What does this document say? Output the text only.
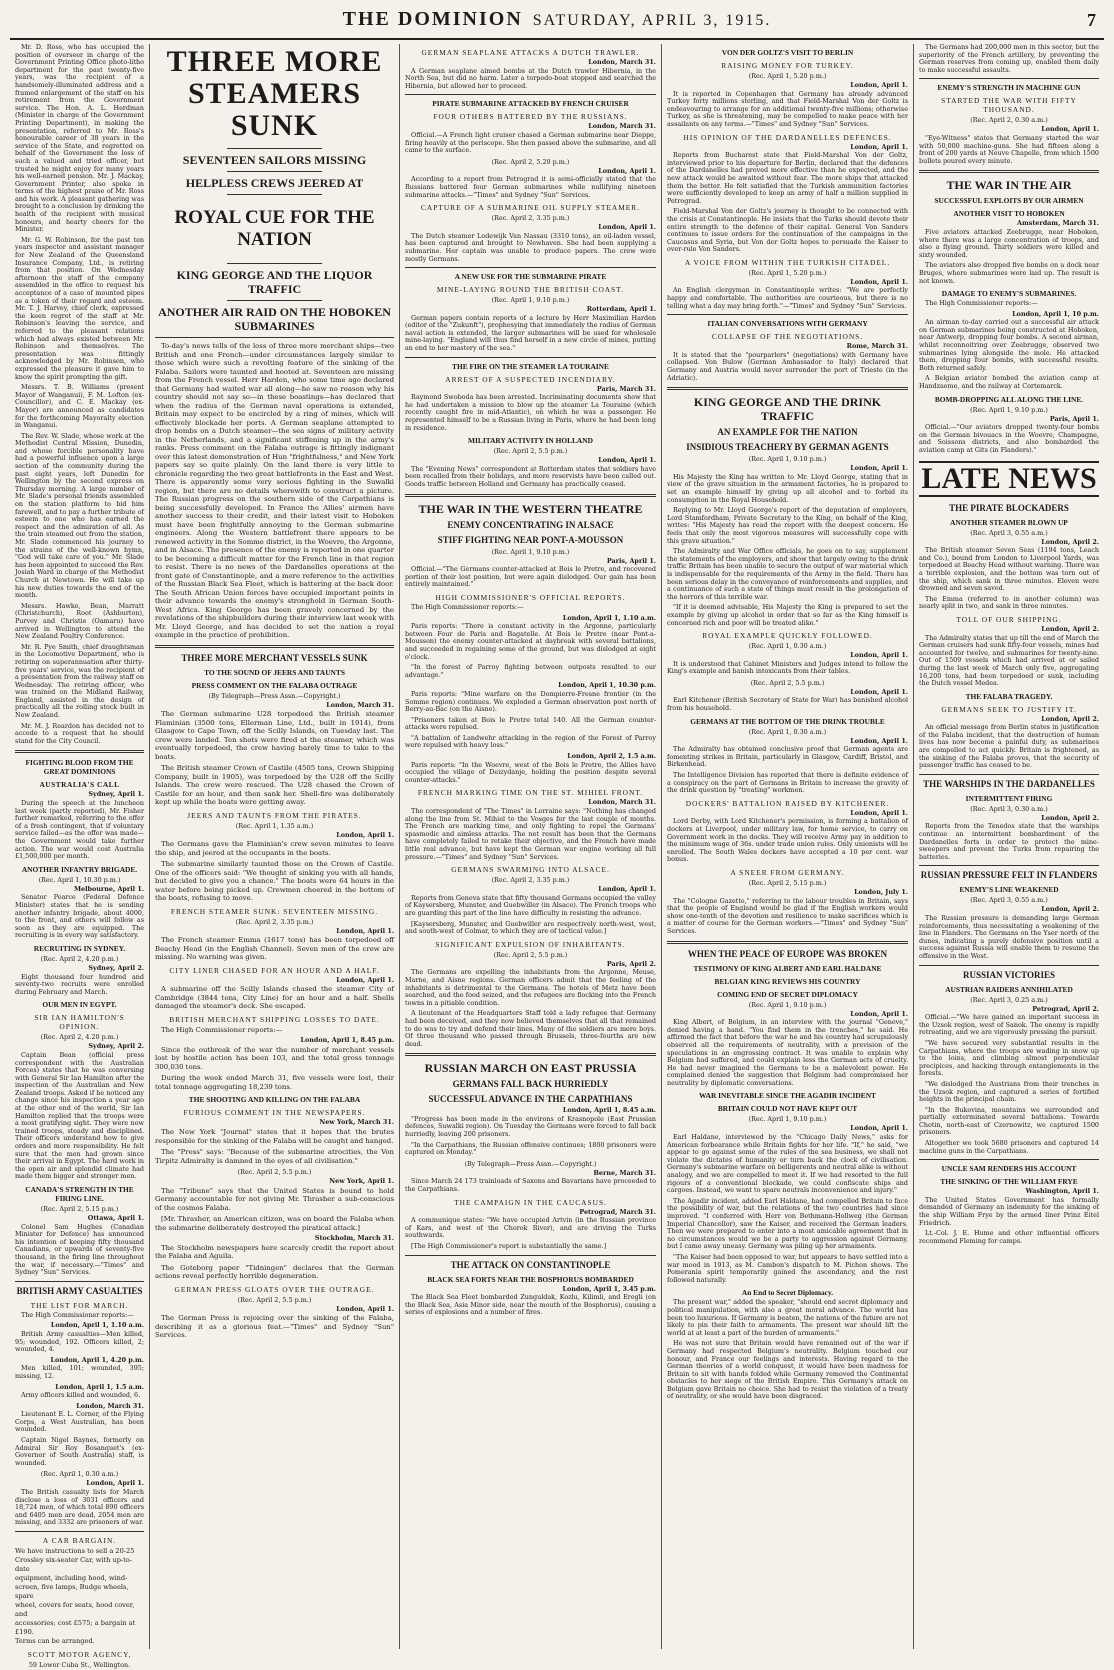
THE DOMINION SATURDAY, APRIL 3, 1915.	7

Mr. D. Ross, who has occupied the position of overseer in charge of the Government Printing Office photo-litho department for the past twenty-five years, was the recipient of a handsomely-illuminated address and a framed enlargement of the staff on his retirement from the Government service. The Hon. A. L. Herdman (Minister in charge of the Government Printing Department), in making the presentation, referred to Mr. Ross's honourable career of 38 years in the service of the State, and regretted on behalf of the Government the loss of such a valued and tried officer, but trusted he might enjoy for many years his well-earned pension. Mr. J. Mackay, Government Printer, also spoke in terms of the highest praise of Mr. Ross and his work. A pleasant gathering was brought to a conclusion by drinking the health of the recipient with musical honours, and hearty cheers for the Minister.

Mr. G. W. Robinson, for the past ten years inspector and assistant manager for New Zealand of the Queensland Insurance Company, Ltd., is retiring from that position. On Wednesday afternoon the staff of the company assembled in the office to request his acceptance of a case of mounted pipes as a token of their regard and esteem. Mr. T. J. Harvey, chief clerk, expressed the keen regret of the staff at Mr. Robinson's leaving the service, and referred to the pleasant relations which had always existed between Mr. Robinson and themselves. The presentation was fittingly acknowledged by Mr. Robinson, who expressed the pleasure it gave him to know the spirit prompting the gift.

Messrs. T. B. Williams (present Mayor of Wanganui), F. M. Lofton (ex-Councillor), and C. E. Mackay (ex-Mayor) are announced as candidates for the forthcoming Mayoralty election in Wanganui.

The Rev. W. Slade, whose work at the Methodist Central Mission, Dunedin, and whose forcible personality have had a powerful influence upon a large section of the community during the past eight years, left Dunedin for Wellington by the second express on Thursday morning. A large number of Mr. Slade's personal friends assembled on the station platform to bid him farewell, and to pay a further tribute of esteem to one who has earned the respect and the admiration of all. As the train steamed out from the station, Mr. Slade commenced his journey to the strains of the well-known hymn, "God will take care of you." Mr. Slade has been appointed to succeed the Rev. Josiah Ward in charge of the Methodist Church at Newtown. He will take up his new duties towards the end of the month.

Messrs. Hawke, Bean, Marratt (Christchurch), Root (Ashburton), Purvey and Christie (Oamaru) have arrived in Wellington to attend the New Zealand Poultry Conference.

Mr. R. Pye Smith, chief draughtsman in the Locomotive Department, who is retiring on superannuation after thirty-five years' service, was the recipient of a presentation from the railway staff on Wednesday. The retiring officer, who was trained on the Midland Railway, England, assisted in the design of practically all the rolling stock built in New Zealand.

Mr. M. J. Reardon has decided not to accede to a request that he should stand for the City Council.

FIGHTING BLOOD FROM THE GREAT DOMINIONS
AUSTRALIA'S CALL
Sydney, April 1.

During the speech at the luncheon last week (partly reported), Mr. Fisher further remarked, referring to the offer of a fresh contingent, that if voluntary service failed—as the offer was made—the Government would take further action. The war would cost Australia £1,500,000 per month.

ANOTHER INFANTRY BRIGADE.
(Rec. April 1, 10.30 p.m.)
Melbourne, April 1.

Senator Pearce (Federal Defence Minister) states that he is sending another infantry brigade, about 4000, to the front, and others will follow as soon as they are equipped. The recruiting is in every way satisfactory.

RECRUITING IN SYDNEY.
(Rec. April 2, 4.20 p.m.)
Sydney, April 2.

Eight thousand four hundred and seventy-two recruits were enrolled during February and March.

OUR MEN IN EGYPT.
SIR IAN HAMILTON'S OPINION.
(Rec. April 2, 4.20 p.m.)
Sydney, April 2.

Captain Bean (official press correspondent with the Australian Forces) states that he was conversing with General Sir Ian Hamilton after the inspection of the Australian and New Zealand troops. Asked if he noticed any change since his inspection a year ago at the other end of the world, Sir Ian Hamilton replied that the troops were a most gratifying sight. They were now trained troops, steady and disciplined. Their officers understand how to give orders and more responsibility. He felt sure that the men had grown since their arrival in Egypt. The hard work in the open air and splendid climate had made them bigger and stronger men.

CANADA'S STRENGTH IN THE FIRING LINE.
(Rec. April 2, 5.15 p.m.)
Ottawa, April 1.

Colonel Sam Hughes (Canadian Minister for Defence) has announced his intention of keeping fifty thousand Canadians, or upwards of seventy-five thousand, in the firing line throughout the war, if necessary.—"Times" and Sydney "Sun" Services.

BRITISH ARMY CASUALTIES
THE LIST FOR MARCH.

The High Commissioner reports:—

London, April 1, 1.10 a.m.

British Army casualties—Men killed, 95; wounded, 192. Officers killed, 2; wounded, 4.

London, April 1, 4.20 p.m.

Men killed, 101; wounded, 395; missing, 12.

London, April 1, 1.5 a.m.

Army officers killed and wounded, 6.

London, March 31.

Lieutenant E. L. Corner, of the Flying Corps, a West Australian, has been wounded.

Captain Nigel Baynes, formerly on Admiral Sir Roy Bosanquet's (ex-Governor of South Australia) staff, is wounded.

(Rec. April 1, 0.30 a.m.)
London, April 1.

The British casualty lists for March disclose a loss of 3031 officers and 18,724 men, of which total 890 officers and 6405 men are dead, 2054 men are missing, and 3332 are prisoners of war.

A CAR BARGAIN.
We have instructions to sell a 20-25
Crossley six-seater Car, with up-to-date
equipment, including hood, wind-
screen, five lamps, Budge wheels, spare
wheel, covers for seats, hood cover, and
accessories; cost £575; a bargain at £190.
Terms can be arranged.
SCOTT MOTOR AGENCY,
59 Lower Cuba St., Wellington.
THREE MORE STEAMERS SUNK
SEVENTEEN SAILORS MISSING
HELPLESS CREWS JEERED AT
ROYAL CUE FOR THE NATION
KING GEORGE AND THE LIQUOR TRAFFIC
ANOTHER AIR RAID ON THE HOBOKEN SUBMARINES

To-day's news tells of the loss of three more merchant ships—two British and one French—under circumstances largely similar to those which were such a revolting feature of the sinking of the Falaba. Sailors were taunted and hooted at. Seventeen are missing from the French vessel. Herr Harden, who some time ago declared that Germany had waited war all along—he saw no reason why his country should not say so—in these boastings—has declared that when the radius of the German naval operations is extended, Britain may expect to be encircled by a ring of mines, which will effectively blockade her ports. A German seaplane attempted to drop bombs on a Dutch steamer—the sea signs of military activity in the Netherlands, and a significant stiffening up in the army's ranks. Press comment on the Falaba outrage is fittingly indignant over this latest demonstration of Hun "frightfulness," and New York papers say so quite plainly. On the land there is very little to chronicle regarding the two great battlefronts in the East and West. There is apparently some very serious fighting in the Suwalki region, but there are no details wherewith to construct a picture. The Russian progress on the southern side of the Carpathians is being successfully developed. In France the Allies' airmen have another success to their credit, and their latest visit to Hoboken must have been frightfully annoying to the German submarine engineers. Along the Western battlefront there appears to be renewed activity in the Somme district, in the Woevre, the Argonne, and in Alsace. The presence of the enemy is reported in one quarter to be becoming a difficult matter for the French line in that region to resist. There is no news of the Dardanelles operations at the front gate of Constantinople, and a mere reference to the activities of the Russian Black Sea Fleet, which is battering at the back door. The South African Union forces have occupied important points in their advance towards the enemy's stronghold in German South-West Africa. King George has been gravely concerned by the revelations of the shipbuilders during their interview last week with Mr. Lloyd George, and has decided to set the nation a royal example in the practice of prohibition.

THREE MORE MERCHANT VESSELS SUNK
TO THE SOUND OF JEERS AND TAUNTS
PRESS COMMENT ON THE FALABA OUTRAGE
(By Telegraph—Press Assn.—Copyright.)
London, March 31.

The German submarine U28 torpedoed the British steamer Flaminian (3500 tons, Ellerman Line, Ltd., built in 1914), from Glasgow to Cape Town, off the Scilly Islands, on Tuesday last. The crew were landed. Ten shots were fired at the steamer, which was eventually torpedoed, the crew having barely time to take to the boats.

The British steamer Crown of Castile (4505 tons, Crown Shipping Company, built in 1905), was torpedoed by the U28 off the Scilly Islands. The crew were rescued. The U28 chased the Crown of Castile for an hour, and then sank her. Shell-fire was deliberately kept up while the boats were getting away.

JEERS AND TAUNTS FROM THE PIRATES.
(Rec. April 1, 1.35 a.m.)
London, April 1.

The Germans gave the Flaminian's crew seven minutes to leave the ship, and jeered at the occupants in the boats.

The submarine similarly taunted those on the Crown of Castile. One of the officers said: "We thought of sinking you with all hands, but decided to give you a chance." The boats were 64 hours in the water before being picked up. Crewmen cheered in the bottom of the boats, refusing to move.

FRENCH STEAMER SUNK: SEVENTEEN MISSING.
(Rec. April 2, 3.35 p.m.)
London, April 1.

The French steamer Emma (1617 tons) has been torpedoed off Beachy Head (in the English Channel). Seven men of the crew are missing. No warning was given.

CITY LINER CHASED FOR AN HOUR AND A HALF.
London, April 1.

A submarine off the Scilly Islands chased the steamer City of Cambridge (3844 tons, City Line) for an hour and a half. Shells damaged the steamer's deck. She escaped.

BRITISH MERCHANT SHIPPING LOSSES TO DATE.

The High Commissioner reports:—

London, April 1, 8.45 p.m.

Since the outbreak of the war the number of merchant vessels lost by hostile action has been 103, and the total gross tonnage 300,030 tons.

During the week ended March 31, five vessels were lost, their total tonnage aggregating 18,239 tons.

THE SHOOTING AND KILLING ON THE FALABA
FURIOUS COMMENT IN THE NEWSPAPERS.
New York, March 31.

The New York "Journal" states that it hopes that the brutes responsible for the sinking of the Falaba will be caught and hanged.

The "Press" says: "Because of the submarine atrocities, the Von Tirpitz Admiralty is damned in the eyes of all civilisation."

(Rec. April 2, 5.5 p.m.)
New York, April 1.

The "Tribune" says that the United States is bound to hold Germany accountable for not giving Mr. Thrasher a sub-conscious of the cosmos Falaba.

[Mr. Thrasher, an American citizen, was on board the Falaba when the submarine deliberately destroyed the piratical attack.]

Stockholm, March 31.

The Stockholm newspapers here scarcely credit the report about the Falaba and Aguila.

The Goteborg paper "Tidningen" declares that the German actions reveal perfectly horrible degeneration.

GERMAN PRESS GLOATS OVER THE OUTRAGE.
(Rec. April 2, 5.5 p.m.)
London, April 1.

The German Press is rejoicing over the sinking of the Falaba, describing it as a glorious feat.—"Times" and Sydney "Sun" Services.

GERMAN SEAPLANE ATTACKS A DUTCH TRAWLER.
London, March 31.

A German seaplane aimed bombs at the Dutch trawler Hibernia, in the North Sea, but did no harm. Later a torpedo-boat stopped and searched the Hibernia, but allowed her to proceed.

PIRATE SUBMARINE ATTACKED BY FRENCH CRUISER
FOUR OTHERS BATTERED BY THE RUSSIANS.
London, March 31.

Official.—A French light cruiser chased a German submarine near Dieppe, firing heavily at the periscope. She then passed above the submarine, and all came to the surface.

(Rec. April 2, 5.20 p.m.)
London, April 1.

According to a report from Petrograd it is semi-officially stated that the Russians battered four German submarines while nullifying nineteen submarine attacks.—"Times" and Sydney "Sun" Services.

CAPTURE OF A SUBMARINE OIL SUPPLY STEAMER.
(Rec. April 2, 3.35 p.m.)
London, April 1.

The Dutch steamer Lodewijk Van Nassau (3310 tons), an oil-laden vessel, has been captured and brought to Newhaven. She had been supplying a submarine. Her captain was unable to produce papers. The crew were mostly Germans.

A NEW USE FOR THE SUBMARINE PIRATE
MINE-LAYING ROUND THE BRITISH COAST.
(Rec. April 1, 9.10 p.m.)
Rotterdam, April 1.

German papers contain reports of a lecture by Herr Maximilian Harden (editor of the "Zukunft"), prophesying that immediately the radius of German naval action is extended, the larger submarines will be used for wholesale mine-laying. "England will thus find herself in a new circle of mines, putting an end to her mastery of the sea."

THE FIRE ON THE STEAMER LA TOURAINE
ARREST OF A SUSPECTED INCENDIARY.
Paris, March 31.

Raymond Swoboda has been arrested. Incriminating documents show that he had undertaken a mission to blow up the steamer La Touraine (which recently caught fire in mid-Atlantic), on which he was a passenger. He represented himself to be a Russian living in Paris, where he had been long in residence.

MILITARY ACTIVITY IN HOLLAND
(Rec. April 2, 5.5 p.m.)
London, April 1.

The "Evening News" correspondent at Rotterdam states that soldiers have been recalled from their holidays, and more reservists have been called out. Goods traffic between Holland and Germany has practically ceased.

THE WAR IN THE WESTERN THEATRE
ENEMY CONCENTRATING IN ALSACE
STIFF FIGHTING NEAR PONT-A-MOUSSON
(Rec. April 1, 9.10 p.m.)
Paris, April 1.

Official.—"The Germans counter-attacked at Bois le Pretre, and recovered portion of their lost position, but were again dislodged. Our gain has been entirely maintained."

HIGH COMMISSIONER'S OFFICIAL REPORTS.

The High Commissioner reports:—

London, April 1, 1.10 a.m.

Paris reports: "There is constant activity in the Argonne, particularly between Four de Paris and Bagatelle. At Bois le Pretre (near Pont-a-Mousson) the enemy counter-attacked at daybreak with several battalions, and succeeded in regaining some of the ground, but was dislodged at eight o'clock.

"In the forest of Parroy fighting between outposts resulted to our advantage."

London, April 1, 10.30 p.m.

Paris reports: "Mine warfare on the Dompierre-Fresne frontier (in the Somme region) continues. We exploded a German observation post north of Berry-au-Bac (on the Aisne).

"Prisoners taken at Bois le Pretre total 140. All the German counter-attacks were repulsed.

"A battalion of Landwehr attacking in the region of the Forest of Parroy were repulsed with heavy loss."

London, April 2, 1.5 a.m.

Paris reports: "In the Woevre, west of the Bois le Pretre, the Allies have occupied the village of Deizydanje, holding the position despite several counter-attacks."

FRENCH MARKING TIME ON THE ST. MIHIEL FRONT.
London, March 31.

The correspondent of "The Times" in Lorraine says: "Nothing has changed along the line from St. Mihiel to the Vosges for the last couple of months. The French are marking time, and only fighting to repel the Germans' spasmodic and aimless attacks. The net result has been that the Germans have completely failed to retake their objective, and the French have made little real advance, but have kept the German war engine working all full pressure.—"Times" and Sydney "Sun" Services.

GERMANS SWARMING INTO ALSACE.
(Rec. April 2, 3.35 p.m.)
London, April 1.

Reports from Geneva state that fifty thousand Germans occupied the valley of Kaysersberg, Munster, and Guebwiller (in Alsace). The French troops who are guarding this part of the line have difficulty in resisting the advance.

[Kaysersberg, Munster, and Guebwiller are respectively north-west, west, and south-west of Colmar, to which they are of tactical value.]

SIGNIFICANT EXPULSION OF INHABITANTS.
(Rec. April 2, 5.5 p.m.)
Paris, April 2.

The Germans are expelling the inhabitants from the Argonne, Meuse, Marne, and Aisne regions. German officers admit that the feeling of the inhabitants is detrimental to the Germans. The hotels of Metz have been searched, and the food seized, and the refugees are flocking into the French towns in a pitiable condition.

A lieutenant of the Headquarters Staff told a lady refugee that Germany had been deceived, and they now believed themselves that all that remained to do was to try and defend their lines. Many of the soldiers are mere boys. Of three thousand who passed through Brussels, three-fourths are now dead.

RUSSIAN MARCH ON EAST PRUSSIA
GERMANS FALL BACK HURRIEDLY
SUCCESSFUL ADVANCE IN THE CARPATHIANS
London, April 1, 8.45 a.m.

"Progress has been made in the environs of Krasnopole (East Prussian defences, Suwalki region). On Tuesday the Germans were forced to fall back hurriedly, leaving 200 prisoners.

"In the Carpathians, the Russian offensive continues; 1800 prisoners were captured on Monday."

(By Telegraph—Press Assn.—Copyright.)
Berne, March 31.

Since March 24 173 trainloads of Saxons and Bavarians have proceeded to the Carpathians.

THE CAMPAIGN IN THE CAUCASUS.
Petrograd, March 31.

A communique states: "We have occupied Artvin (in the Russian province of Kars, and west of the Chorok River), and are driving the Turks southwards.

[The High Commissioner's report is substantially the same.]

THE ATTACK ON CONSTANTINOPLE
BLACK SEA FORTS NEAR THE BOSPHORUS BOMBARDED
London, April 1, 3.45 p.m.

The Black Sea Fleet bombarded Zunguldak, Kozlu, Kilimli, and Eregli (on the Black Sea, Asia Minor side, near the mouth of the Bosphorus), causing a series of explosions and a number of fires.

VON DER GOLTZ'S VISIT TO BERLIN
RAISING MONEY FOR TURKEY.
(Rec. April 1, 5.20 p.m.)
London, April 1.

It is reported in Copenhagen that Germany has already advanced Turkey forty millions sterling, and that Field-Marshal Von der Goltz is endeavouring to arrange for an additional twenty-five millions; otherwise Turkey, as she is threatening, may be compelled to make peace with her assailants on any terms.—"Times" and Sydney "Sun" Services.

HIS OPINION OF THE DARDANELLES DEFENCES.
London, April 1.

Reports from Bucharest state that Field-Marshal Von der Goltz, interviewed prior to his departure for Berlin, declared that the defences of the Dardanelles had proved more effective than he expected, and the new attack would be awaited without fear. The more ships that attacked them the better. He felt satisfied that the Turkish ammunition factories were sufficiently developed to keep an army of half a million supplied in Petrograd.

Field-Marshal Von der Goltz's journey is thought to be connected with the crisis at Constantinople. He insists that the Turks should devote their entire strength to the defence of their capital. General Von Sanders continues to issue orders for the continuation of the campaigns in the Caucasus and Syria, but Von der Goltz hopes to persuade the Kaiser to over-rule Von Sanders.

A VOICE FROM WITHIN THE TURKISH CITADEL.
(Rec. April 1, 5.20 p.m.)
London, April 1.

An English clergyman in Constantinople writes: "We are perfectly happy and comfortable. The authorities are courteous, but there is no telling what a day may bring forth."—"Times" and Sydney "Sun" Services.

ITALIAN CONVERSATIONS WITH GERMANY
COLLAPSE OF THE NEGOTIATIONS.
Rome, March 31.

It is stated that the "pourparlers" (negotiations) with Germany have collapsed. Von Bulow (German Ambassador to Italy) declared that Germany and Austria would never surrender the port of Trieste (in the Adriatic).

KING GEORGE AND THE DRINK TRAFFIC
AN EXAMPLE FOR THE NATION
INSIDIOUS TREACHERY BY GERMAN AGENTS
(Rec. April 1, 9.10 p.m.)
London, April 1.

His Majesty the King has written to Mr. Lloyd George, stating that in view of the grave situation in the armament factories, he is prepared to set an example himself by giving up all alcohol and to forbid its consumption in the Royal Household.

Replying to Mr. Lloyd George's report of the deputation of employers, Lord Stamfordham, Private Secretary to the King, on behalf of the King, writes: "His Majesty has read the report with the deepest concern. He feels that only the most vigorous measures will successfully cope with this grave situation."

The Admiralty and War Office officials, he goes on to say, supplement the statements of the employers, and show that largely owing to the drink traffic Britain has been unable to secure the output of war material which is indispensable for the requirements of the Army in the field. There has been serious delay in the conveyance of reinforcements and supplies, and a continuance of such a state of things must result in the prolongation of the horrors of this terrible war.

"If it is deemed advisable, His Majesty the King is prepared to set the example by giving up alcohol in order that so far as the King himself is concerned rich and poor will be treated alike."

ROYAL EXAMPLE QUICKLY FOLLOWED.
(Rec. April 1, 0.30 a.m.)
London, April 1.

It is understood that Cabinet Ministers and Judges intend to follow the King's example and banish intoxicants from their tables.

(Rec. April 2, 5.5 p.m.)
London, April 1.

Earl Kitchener (British Secretary of State for War) has banished alcohol from his household.

GERMANS AT THE BOTTOM OF THE DRINK TROUBLE
(Rec. April 1, 0.30 a.m.)
London, April 1.

The Admiralty has obtained conclusive proof that German agents are fomenting strikes in Britain, particularly in Glasgow, Cardiff, Bristol, and Birkenhead.

The Intelligence Division has reported that there is definite evidence of a conspiracy on the part of Germans in Britain to increase the gravity of the drink question by "treating" workmen.

DOCKERS' BATTALION RAISED BY KITCHENER.
London, April 1.

Lord Derby, with Lord Kitchener's permission, is forming a battalion of dockers at Liverpool, under military law, for home service, to carry on Government work in the docks. They will receive Army pay in addition to the minimum wage of 36s. under trade union rules. Only unionists will be enrolled. The South Wales dockers have accepted a 10 per cent. war bonus.

A SNEER FROM GERMANY.
(Rec. April 2, 5.15 p.m.)
London, July 1.

The "Cologne Gazette," referring to the labour troubles in Britain, says that the people of England would be glad if the English workers would show one-tenth of the devotion and resilience to make sacrifices which is a matter of course for the German workers.—"Times" and Sydney "Sun" Services.

WHEN THE PEACE OF EUROPE WAS BROKEN
TESTIMONY OF KING ALBERT AND EARL HALDANE
BELGIAN KING REVIEWS HIS COUNTRY
COMING END OF SECRET DIPLOMACY
(Rec. April 1, 9.10 p.m.)
London, April 1.

King Albert, of Belgium, in an interview with the journal "Geneve," denied having a hand. "You find them in the trenches," he said. He affirmed the fact that before the war he and his country had scrupulously observed all the requirements of neutrality, with a prevision of the speculations in an engrossing contract. It was unable to explain why Belgium had suffered, and could explain less the German acts of cruelty. He had never imagined the Germans to be a malevolent power. He complained denied the suggestion that Belgium had compromised her neutrality by diplomatic conversations.

WAR INEVITABLE SINCE THE AGADIR INCIDENT
BRITAIN COULD NOT HAVE KEPT OUT
(Rec. April 1, 9.10 p.m.)
London, April 1.

Earl Haldane, interviewed by the "Chicago Daily News," asks for American forbearance while Britain fights for her life. "If," he said, "we appear to go against some of the rules of the sea business, we shall not violate the dictates of humanity or turn back the clock of civilisation. Germany's submarine warfare on belligerents and neutral alike is without analogy, and we are compelled to meet it. If we had resorted to the full rigours of a conventional blockade, we could confiscate ships and cargoes. Instead, we want to spare neutrals inconvenience and injury."

The Agadir incident, added Earl Haldane, had compelled Britain to face the possibility of war, but the relations of the two countries had since improved. "I conferred with Herr von Bethmann-Hollweg (the German Imperial Chancellor), saw the Kaiser, and received the German leaders. Then we were prepared to enter into a most amicable agreement that in no circumstances would we be a party to aggression against Germany, but I came away uneasy. Germany was piling up her armaments.

"The Kaiser had been opposed to war, but appears to have settled into a war mood in 1913, as M. Cambon's dispatch to M. Pichon shows. The Pomerania spirit temporarily gained the ascendancy, and the rest followed naturally.

An End to Secret Diplomacy.

The present war," added the speaker, "should end secret diplomacy and political manipulation, with also a great moral advance. The world has been too luxurious. If Germany is beaten, the nations of the future are not likely to pin their faith to armaments. The present war should lift the world at at least a part of the burden of armaments."

He was not sure that Britain would have remained out of the war if Germany had respected Belgium's neutrality. Belgium touched our honour, and France our feelings and interests. Having regard to the German theories of a world conquest, it would have been madness for Britain to sit with hands folded while Germany removed the Continental obstacles to her siege of the British Empire. This Germany's attack on Belgium gave Britain no choice. She had to resist the violation of a treaty of neutrality, or she would have been disgraced.

The Germans had 200,000 men in this sector, but the superiority of the French artillery, by preventing the German reserves from coming up, enabled them daily to make successful assaults.

ENEMY'S STRENGTH IN MACHINE GUN
STARTED THE WAR WITH FIFTY THOUSAND.
(Rec. April 2, 0.30 a.m.)
London, April 1.

"Eye-Witness" states that Germany started the war with 50,000 machine-guns. She had fifteen along a front of 200 yards at Neuve Chapelle, from which 1500 bullets poured every minute.

THE WAR IN THE AIR
SUCCESSFUL EXPLOITS BY OUR AIRMEN
ANOTHER VISIT TO HOBOKEN
Amsterdam, March 31.

Five aviators attacked Zeebrugge, near Hoboken, where there was a large concentration of troops, and also a flying ground. Thirty soldiers were killed and sixty wounded.

The aviators also dropped five bombs on a dock near Bruges, where submarines were laid up. The result is not known.

DAMAGE TO ENEMY'S SUBMARINES.

The High Commissioner reports:—

London, April 1, 10 p.m.

An airman to-day carried out a successful air attack on German submarines being constructed at Hoboken, near Antwerp, dropping four bombs. A second airman, whilst reconnoitring over Zeebrugge, observed two submarines lying alongside the mole. He attacked them, dropping four bombs, with successful results. Both returned safely.

A Belgian aviator bombed the aviation camp at Handzaeme, and the railway at Cortemarck.

BOMB-DROPPING ALL ALONG THE LINE.
(Rec. April 1, 9.10 p.m.)
Paris, April 1.

Official.—"Our aviators dropped twenty-four bombs on the German bivouacs in the Woevre, Champagne, and Soissons districts, and also bombarded the aviation camp at Gits (in Flanders)."

LATE NEWS
THE PIRATE BLOCKADERS
ANOTHER STEAMER BLOWN UP
(Rec. April 3, 0.55 a.m.)
London, April 2.

The British steamer Seven Seas (1194 tons, Leach and Co.), bound from London to Liverpool Yards, was torpedoed at Beachy Head without warning. There was a terrible explosion, and the bottom was torn out of the ship, which sank in three minutes. Eleven were drowned and seven saved.

The Emma (referred to in another column) was nearly split in two, and sank in three minutes.

TOLL OF OUR SHIPPING.
London, April 2.

The Admiralty states that up till the end of March the German cruisers had sunk fifty-four vessels, mines had accounted for twelve, and submarines for twenty-nine. Out of 1509 vessels which had arrived at or sailed during the last week of March only five, aggregating 16,200 tons, had been torpedoed or sunk, including the Dutch vessel Medea.

THE FALABA TRAGEDY.
GERMANS SEEK TO JUSTIFY IT.
London, April 2.

An official message from Berlin states in justification of the Falaba incident, that the destruction of human lives has now become a painful duty, as submarines are compelled to act quickly. Britain is frightened, as the sinking of the Falaba proves, that the security of passenger traffic has ceased to be.

THE WARSHIPS IN THE DARDANELLES
INTERMITTENT FIRING
(Rec. April 3, 0.30 a.m.)
London, April 2.

Reports from the Tenedos state that the warships continue an intermittent bombardment of the Dardanelles forts in order to protect the mine-sweepers and prevent the Turks from repairing the batteries.

RUSSIAN PRESSURE FELT IN FLANDERS
ENEMY'S LINE WEAKENED
(Rec. April 3, 0.55 a.m.)
London, April 2.

The Russian pressure is demanding large German reinforcements, thus necessitating a weakening of the line in Flanders. The Germans on the Yser north of the dunes, indicating a purely defensive position until a success against Russia will enable them to resume the offensive in the West.

RUSSIAN VICTORIES
AUSTRIAN RAIDERS ANNIHILATED
(Rec. April 3, 0.25 a.m.)
Petrograd, April 2.

Official.—"We have gained an important success in the Uzsok region, west of Sanok. The enemy is rapidly retreating, and we are vigorously pressing the pursuit.

"We have secured very substantial results in the Carpathians, where the troops are wading in snow up to the loins, and climbing almost perpendicular precipices, and hacking through entanglements in the forests.

"We dislodged the Austrians from their trenches in the Uzsok region, and captured a series of fortified heights in the principal chain.

"In the Bukovina, mountains we surrounded and partially exterminated several battalions. Towards Chotin, north-east of Czernowitz, we captured 1500 prisoners.

Altogether we took 5680 prisoners and captured 14 machine guns in the Carpathians.

UNCLE SAM RENDERS HIS ACCOUNT
THE SINKING OF THE WILLIAM FRYE
Washington, April 1.

The United States Government has formally demanded of Germany an indemnity for the sinking of the ship William Frye by the armed liner Prinz Eitel Friedrich.

Lt.-Col. J. E. Hume and other influential officers recommend Fleming for camps.
